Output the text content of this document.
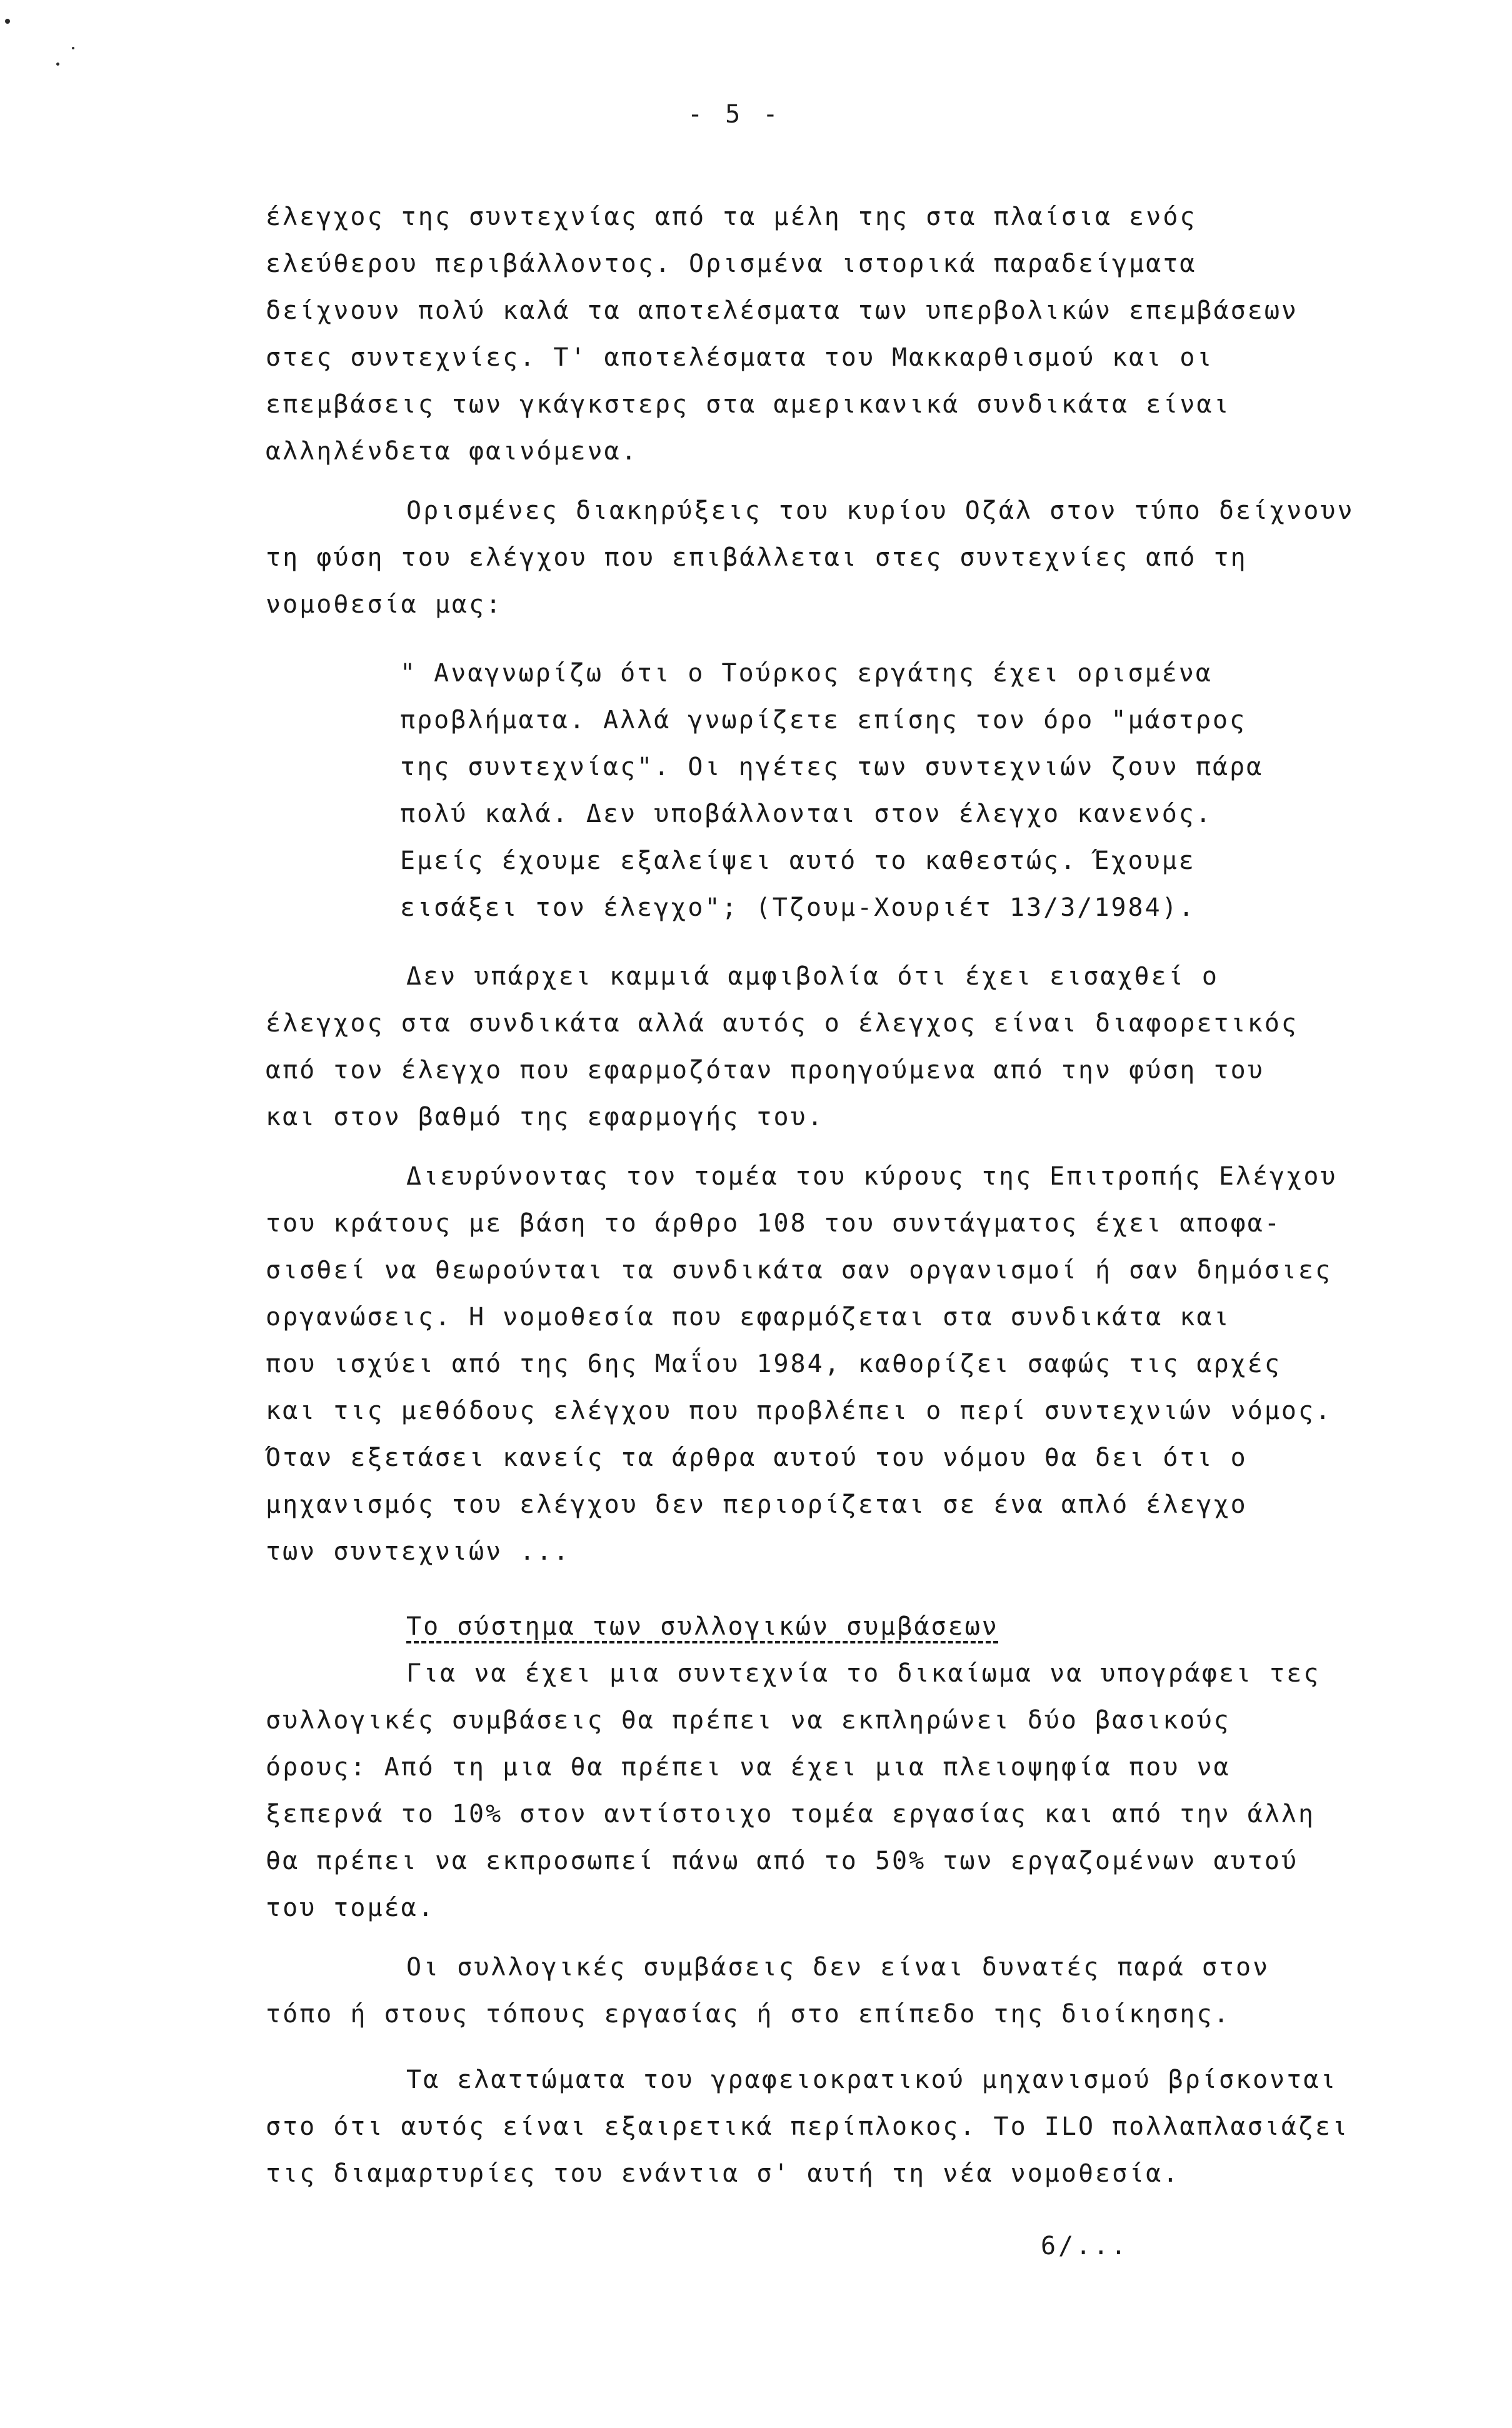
- 5 -
έλεγχος της συντεχνίας από τα μέλη της στα πλαίσια ενός
ελεύθερου περιβάλλοντος. Ορισμένα ιστορικά παραδείγματα
δείχνουν πολύ καλά τα αποτελέσματα των υπερβολικών επεμβάσεων
στες συντεχνίες. Τ' αποτελέσματα του Μακκαρθισμού και οι
επεμβάσεις των γκάγκστερς στα αμερικανικά συνδικάτα είναι
αλληλένδετα φαινόμενα.
Ορισμένες διακηρύξεις του κυρίου Οζάλ στον τύπο δείχνουν
τη φύση του ελέγχου που επιβάλλεται στες συντεχνίες από τη
νομοθεσία μας:
" Αναγνωρίζω ότι ο Τούρκος εργάτης έχει ορισμένα
προβλήματα. Αλλά γνωρίζετε επίσης τον όρο "μάστρος
της συντεχνίας". Οι ηγέτες των συντεχνιών ζουν πάρα
πολύ καλά. Δεν υποβάλλονται στον έλεγχο κανενός.
Εμείς έχουμε εξαλείψει αυτό το καθεστώς. Έχουμε
εισάξει τον έλεγχο"; (Τζουμ-Χουριέτ 13/3/1984).
Δεν υπάρχει καμμιά αμφιβολία ότι έχει εισαχθεί ο
έλεγχος στα συνδικάτα αλλά αυτός ο έλεγχος είναι διαφορετικός
από τον έλεγχο που εφαρμοζόταν προηγούμενα από την φύση του
και στον βαθμό της εφαρμογής του.
Διευρύνοντας τον τομέα του κύρους της Επιτροπής Ελέγχου
του κράτους με βάση το άρθρο 108 του συντάγματος έχει αποφα-
σισθεί να θεωρούνται τα συνδικάτα σαν οργανισμοί ή σαν δημόσιες
οργανώσεις. Η νομοθεσία που εφαρμόζεται στα συνδικάτα και
που ισχύει από της 6ης Μαΐου 1984, καθορίζει σαφώς τις αρχές
και τις μεθόδους ελέγχου που προβλέπει ο περί συντεχνιών νόμος.
Όταν εξετάσει κανείς τα άρθρα αυτού του νόμου θα δει ότι ο
μηχανισμός του ελέγχου δεν περιορίζεται σε ένα απλό έλεγχο
των συντεχνιών ...
Το σύστημα των συλλογικών συμβάσεων
Για να έχει μια συντεχνία το δικαίωμα να υπογράφει τες
συλλογικές συμβάσεις θα πρέπει να εκπληρώνει δύο βασικούς
όρους: Από τη μια θα πρέπει να έχει μια πλειοψηφία που να
ξεπερνά το 10% στον αντίστοιχο τομέα εργασίας και από την άλλη
θα πρέπει να εκπροσωπεί πάνω από το 50% των εργαζομένων αυτού
του τομέα.
Οι συλλογικές συμβάσεις δεν είναι δυνατές παρά στον
τόπο ή στους τόπους εργασίας ή στο επίπεδο της διοίκησης.
Τα ελαττώματα του γραφειοκρατικού μηχανισμού βρίσκονται
στο ότι αυτός είναι εξαιρετικά περίπλοκος. Το ILO πολλαπλασιάζει
τις διαμαρτυρίες του ενάντια σ' αυτή τη νέα νομοθεσία.
6/...
